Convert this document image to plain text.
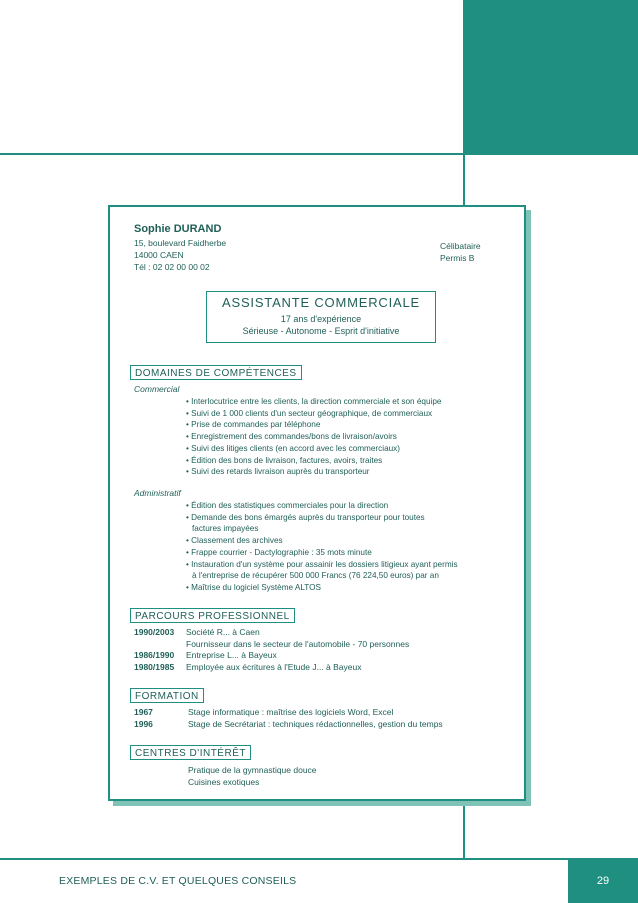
EXEMPLES DE C.V. ET QUELQUES CONSEILS	29
Sophie DURAND
15, boulevard Faidherbe
14000 CAEN
Tél : 02 02 00 00 02
Célibataire
Permis B
ASSISTANTE COMMERCIALE
17 ans d'expérience
Sérieuse - Autonome - Esprit d'initiative
DOMAINES DE COMPÉTENCES
Commercial
• Interlocutrice entre les clients, la direction commerciale et son équipe
• Suivi de 1 000 clients d'un secteur géographique, de commerciaux
• Prise de commandes par téléphone
• Enregistrement des commandes/bons de livraison/avoirs
• Suivi des litiges clients (en accord avec les commerciaux)
• Édition des bons de livraison, factures, avoirs, traites
• Suivi des retards livraison auprès du transporteur
Administratif
• Édition des statistiques commerciales pour la direction
• Demande des bons émargés auprès du transporteur pour toutes
factures impayées
• Classement des archives
• Frappe courrier - Dactylographie : 35 mots minute
• Instauration d'un système pour assainir les dossiers litigieux ayant permis
à l'entreprise de récupérer 500 000 Francs (76 224,50 euros) par an
• Maîtrise du logiciel Système ALTOS
PARCOURS PROFESSIONNEL
1990/2003 Société R... à Caen
Fournisseur dans le secteur de l'automobile - 70 personnes
1986/1990 Entreprise L... à Bayeux
1980/1985 Employée aux écritures à l'Etude J... à Bayeux
FORMATION
1967	Stage informatique : maîtrise des logiciels Word, Excel
1996	Stage de Secrétariat : techniques rédactionnelles, gestion du temps
CENTRES D'INTÉRÊT
Pratique de la gymnastique douce
Cuisines exotiques
